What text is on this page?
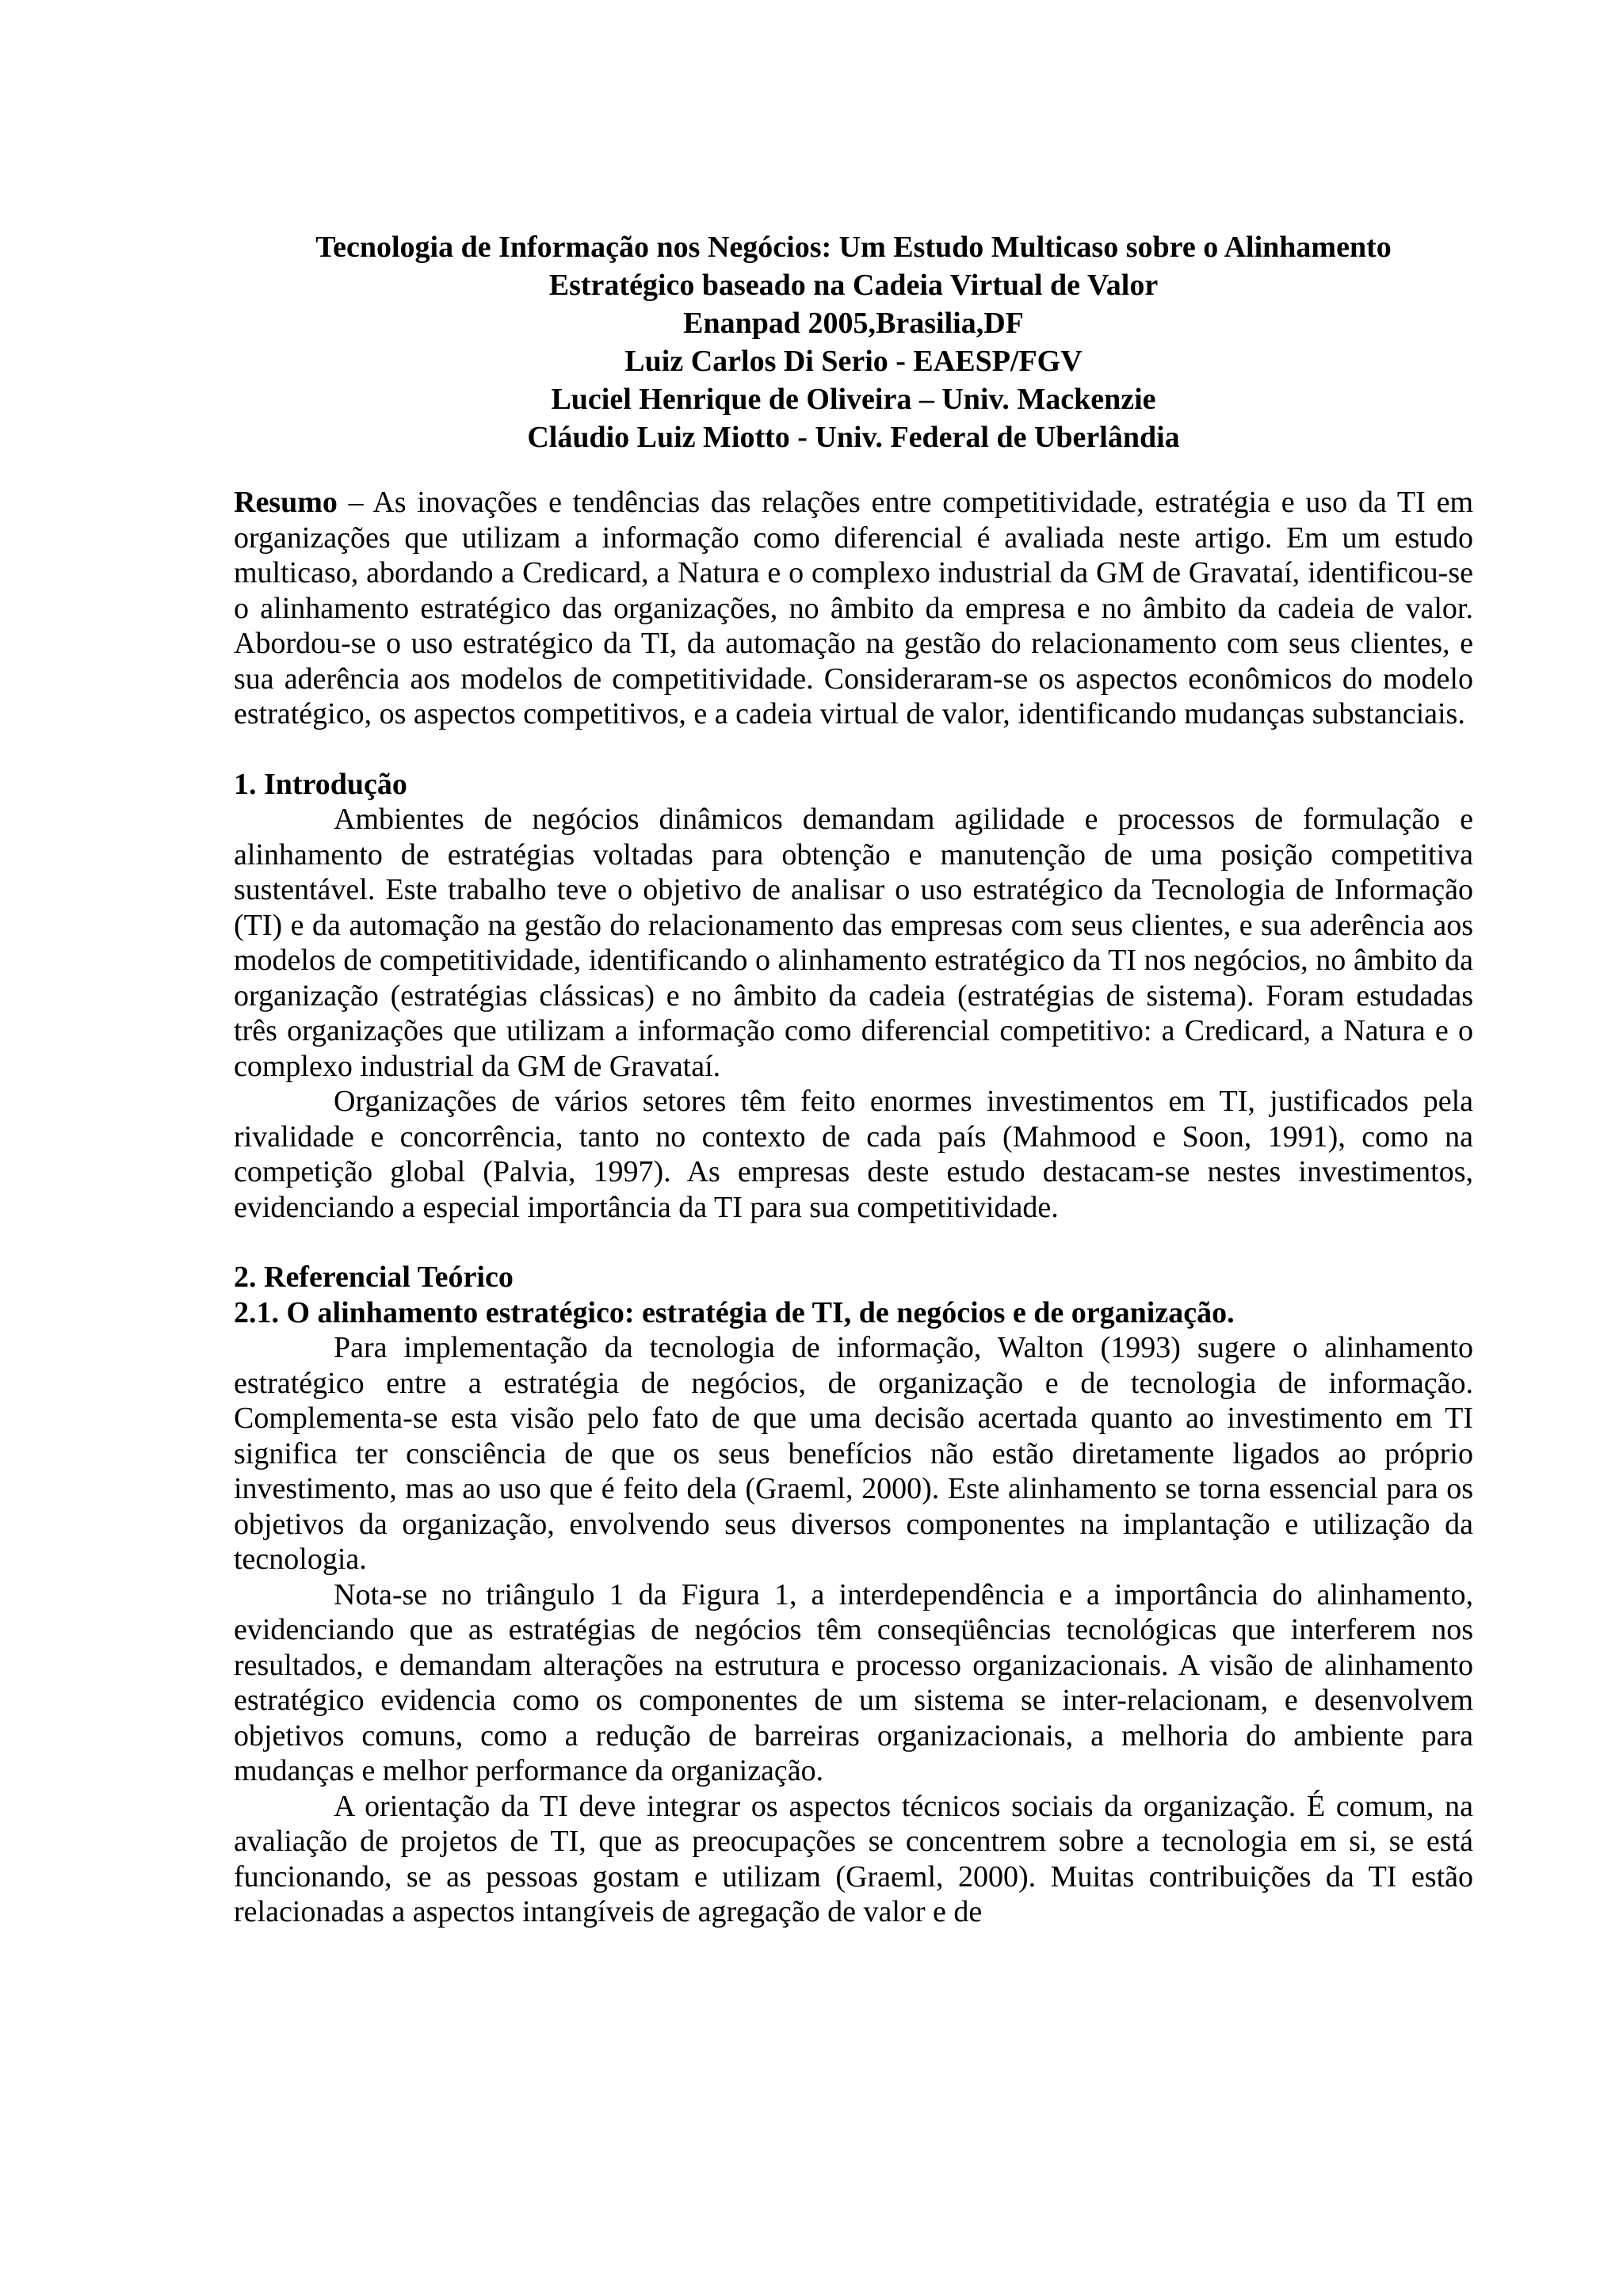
Tecnologia de Informação nos Negócios: Um Estudo Multicaso sobre o Alinhamento
Estratégico baseado na Cadeia Virtual de Valor
Enanpad 2005,Brasilia,DF
Luiz Carlos Di Serio - EAESP/FGV
Luciel Henrique de Oliveira – Univ. Mackenzie
Cláudio Luiz Miotto - Univ. Federal de Uberlândia

Resumo – As inovações e tendências das relações entre competitividade, estratégia e uso da TI em organizações que utilizam a informação como diferencial é avaliada neste artigo. Em um estudo multicaso, abordando a Credicard, a Natura e o complexo industrial da GM de Gravataí, identificou-se o alinhamento estratégico das organizações, no âmbito da empresa e no âmbito da cadeia de valor. Abordou-se o uso estratégico da TI, da automação na gestão do relacionamento com seus clientes, e sua aderência aos modelos de competitividade. Consideraram-se os aspectos econômicos do modelo estratégico, os aspectos competitivos, e a cadeia virtual de valor, identificando mudanças substanciais.

1. Introdução

Ambientes de negócios dinâmicos demandam agilidade e processos de formulação e alinhamento de estratégias voltadas para obtenção e manutenção de uma posição competitiva sustentável. Este trabalho teve o objetivo de analisar o uso estratégico da Tecnologia de Informação (TI) e da automação na gestão do relacionamento das empresas com seus clientes, e sua aderência aos modelos de competitividade, identificando o alinhamento estratégico da TI nos negócios, no âmbito da organização (estratégias clássicas) e no âmbito da cadeia (estratégias de sistema). Foram estudadas três organizações que utilizam a informação como diferencial competitivo: a Credicard, a Natura e o complexo industrial da GM de Gravataí.

Organizações de vários setores têm feito enormes investimentos em TI, justificados pela rivalidade e concorrência, tanto no contexto de cada país (Mahmood e Soon, 1991), como na competição global (Palvia, 1997). As empresas deste estudo destacam-se nestes investimentos, evidenciando a especial importância da TI para sua competitividade.

2. Referencial Teórico

2.1. O alinhamento estratégico: estratégia de TI, de negócios e de organização.

Para implementação da tecnologia de informação, Walton (1993) sugere o alinhamento estratégico entre a estratégia de negócios, de organização e de tecnologia de informação. Complementa-se esta visão pelo fato de que uma decisão acertada quanto ao investimento em TI significa ter consciência de que os seus benefícios não estão diretamente ligados ao próprio investimento, mas ao uso que é feito dela (Graeml, 2000). Este alinhamento se torna essencial para os objetivos da organização, envolvendo seus diversos componentes na implantação e utilização da tecnologia.

Nota-se no triângulo 1 da Figura 1, a interdependência e a importância do alinhamento, evidenciando que as estratégias de negócios têm conseqüências tecnológicas que interferem nos resultados, e demandam alterações na estrutura e processo organizacionais. A visão de alinhamento estratégico evidencia como os componentes de um sistema se inter-relacionam, e desenvolvem objetivos comuns, como a redução de barreiras organizacionais, a melhoria do ambiente para mudanças e melhor performance da organização.

A orientação da TI deve integrar os aspectos técnicos sociais da organização. É comum, na avaliação de projetos de TI, que as preocupações se concentrem sobre a tecnologia em si, se está funcionando, se as pessoas gostam e utilizam (Graeml, 2000). Muitas contribuições da TI estão relacionadas a aspectos intangíveis de agregação de valor e de
